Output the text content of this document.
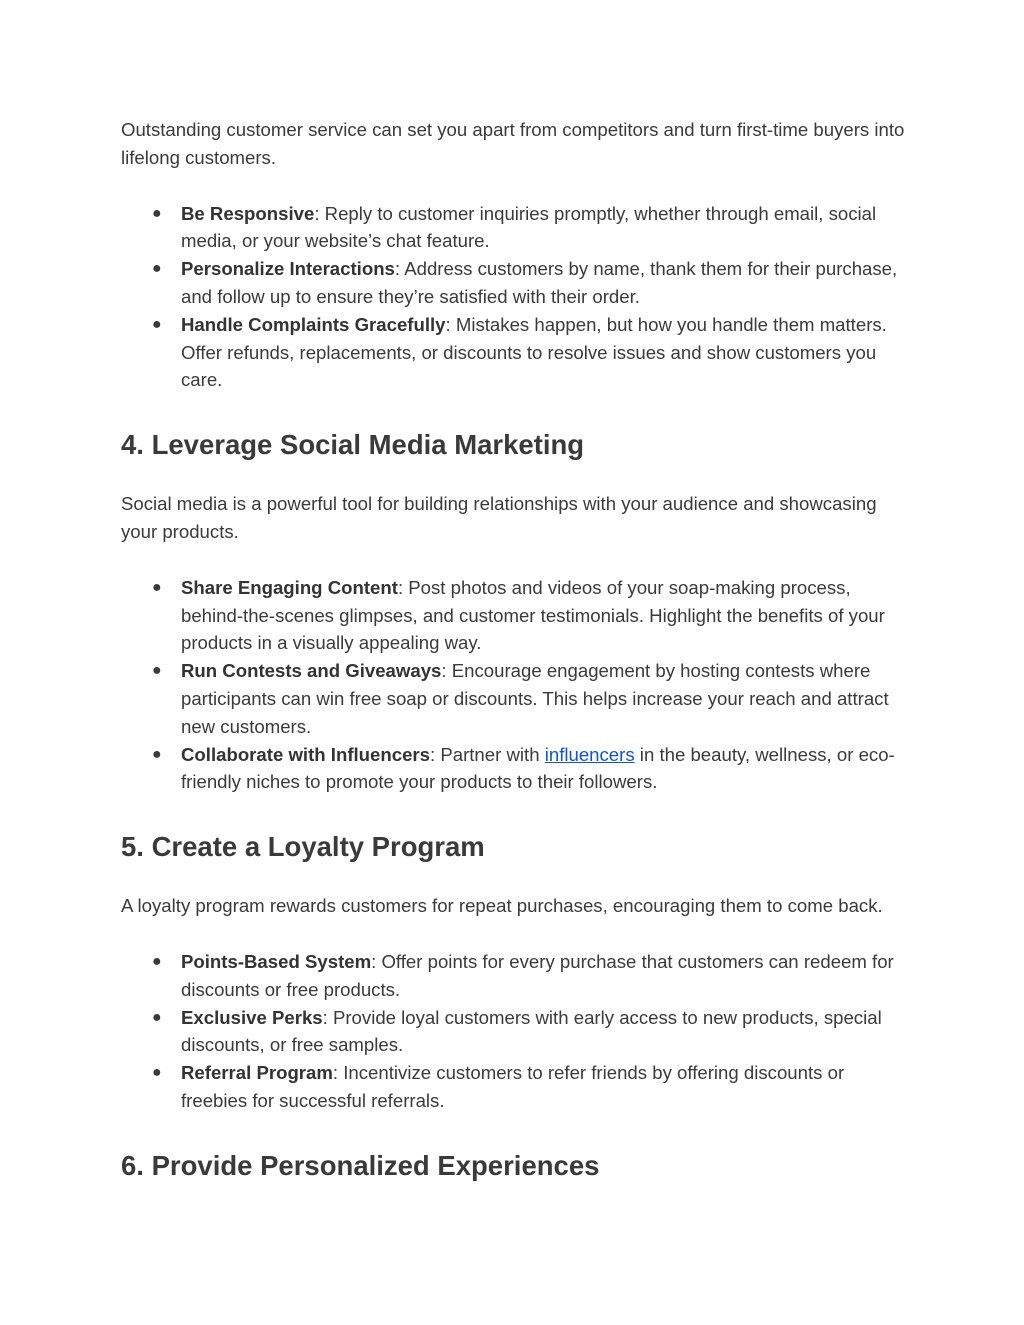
Outstanding customer service can set you apart from competitors and turn first-time buyers into lifelong customers.

● Be Responsive: Reply to customer inquiries promptly, whether through email, social media, or your website’s chat feature.
● Personalize Interactions: Address customers by name, thank them for their purchase, and follow up to ensure they’re satisfied with their order.
● Handle Complaints Gracefully: Mistakes happen, but how you handle them matters. Offer refunds, replacements, or discounts to resolve issues and show customers you care.
4. Leverage Social Media Marketing

Social media is a powerful tool for building relationships with your audience and showcasing your products.

● Share Engaging Content: Post photos and videos of your soap-making process, behind-the-scenes glimpses, and customer testimonials. Highlight the benefits of your products in a visually appealing way.
● Run Contests and Giveaways: Encourage engagement by hosting contests where participants can win free soap or discounts. This helps increase your reach and attract new customers.
● Collaborate with Influencers: Partner with influencers in the beauty, wellness, or eco-friendly niches to promote your products to their followers.
5. Create a Loyalty Program

A loyalty program rewards customers for repeat purchases, encouraging them to come back.

● Points-Based System: Offer points for every purchase that customers can redeem for discounts or free products.
● Exclusive Perks: Provide loyal customers with early access to new products, special discounts, or free samples.
● Referral Program: Incentivize customers to refer friends by offering discounts or freebies for successful referrals.
6. Provide Personalized Experiences
